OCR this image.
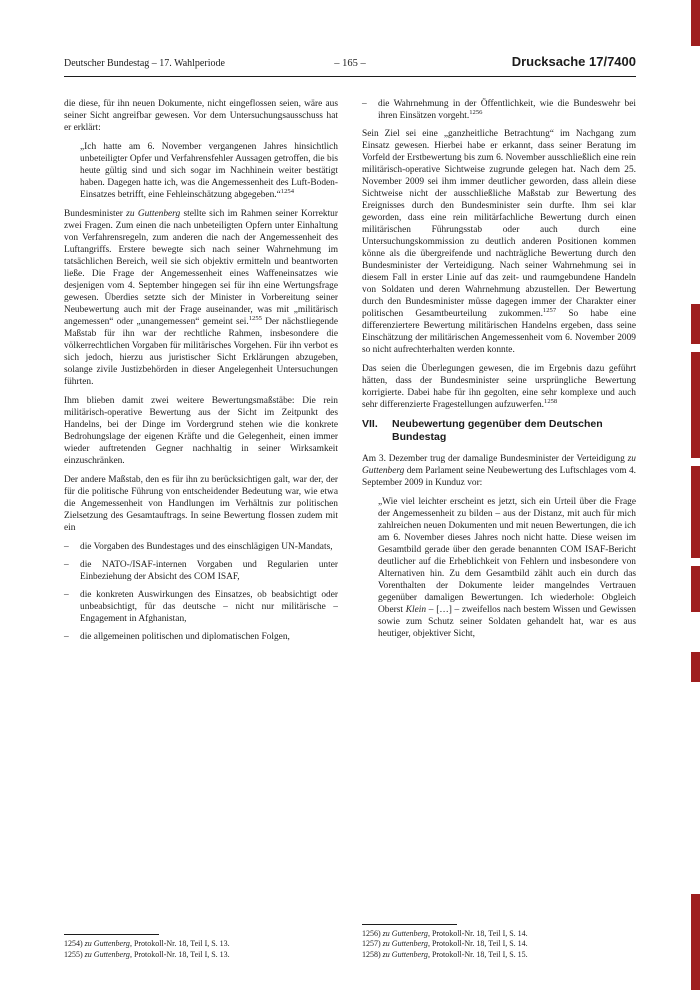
Deutscher Bundestag – 17. Wahlperiode	– 165 –	Drucksache 17/7400

die diese, für ihn neuen Dokumente, nicht eingeflossen seien, wäre aus seiner Sicht angreifbar gewesen. Vor dem Untersuchungsausschuss hat er erklärt:

„Ich hatte am 6. November vergangenen Jahres hinsichtlich unbeteiligter Opfer und Verfahrensfehler Aussagen getroffen, die bis heute gültig sind und sich sogar im Nachhinein weiter bestätigt haben. Dagegen hatte ich, was die Angemessenheit des Luft-Boden-Einsatzes betrifft, eine Fehleinschätzung abgegeben.“$^{1254}$

Bundesminister zu Guttenberg stellte sich im Rahmen seiner Korrektur zwei Fragen. Zum einen die nach unbeteiligten Opfern unter Einhaltung von Verfahrensregeln, zum anderen die nach der Angemessenheit des Luftangriffs. Erstere bewegte sich nach seiner Wahrnehmung im tatsächlichen Bereich, weil sie sich objektiv ermitteln und beantworten ließe. Die Frage der Angemessenheit eines Waffeneinsatzes wie desjenigen vom 4. September hingegen sei für ihn eine Wertungsfrage gewesen. Überdies setzte sich der Minister in Vorbereitung seiner Neubewertung auch mit der Frage auseinander, was mit „militärisch angemessen“ oder „unangemessen“ gemeint sei.$^{1255}$ Der nächstliegende Maßstab für ihn war der rechtliche Rahmen, insbesondere die völkerrechtlichen Vorgaben für militärisches Vorgehen. Für ihn verbot es sich jedoch, hierzu aus juristischer Sicht Erklärungen abzugeben, solange zivile Justizbehörden in dieser Angelegenheit Untersuchungen führten.

Ihm blieben damit zwei weitere Bewertungsmaßstäbe: Die rein militärisch-operative Bewertung aus der Sicht im Zeitpunkt des Handelns, bei der Dinge im Vordergrund stehen wie die konkrete Bedrohungslage der eigenen Kräfte und die Gelegenheit, einen immer wieder auftretenden Gegner nachhaltig in seiner Wirksamkeit einzuschränken.

Der andere Maßstab, den es für ihn zu berücksichtigen galt, war der, der für die politische Führung von entscheidender Bedeutung war, wie etwa die Angemessenheit von Handlungen im Verhältnis zur politischen Zielsetzung des Gesamtauftrags. In seine Bewertung flossen zudem mit ein

–	die Vorgaben des Bundestages und des einschlägigen UN-Mandats,
–	die NATO-/ISAF-internen Vorgaben und Regularien unter Einbeziehung der Absicht des COM ISAF,
–	die konkreten Auswirkungen des Einsatzes, ob beabsichtigt oder unbeabsichtigt, für das deutsche – nicht nur militärische – Engagement in Afghanistan,
–	die allgemeinen politischen und diplomatischen Folgen,
1254) zu Guttenberg, Protokoll-Nr. 18, Teil I, S. 13.
1255) zu Guttenberg, Protokoll-Nr. 18, Teil I, S. 13.
–	die Wahrnehmung in der Öffentlichkeit, wie die Bundeswehr bei ihren Einsätzen vorgeht.$^{1256}$

Sein Ziel sei eine „ganzheitliche Betrachtung“ im Nachgang zum Einsatz gewesen. Hierbei habe er erkannt, dass seiner Beratung im Vorfeld der Erstbewertung bis zum 6. November ausschließlich eine rein militärisch-operative Sichtweise zugrunde gelegen hat. Nach dem 25. November 2009 sei ihm immer deutlicher geworden, dass allein diese Sichtweise nicht der ausschließliche Maßstab zur Bewertung des Ereignisses durch den Bundesminister sein durfte. Ihm sei klar geworden, dass eine rein militärfachliche Bewertung durch einen militärischen Führungsstab oder auch durch eine Untersuchungskommission zu deutlich anderen Positionen kommen könne als die übergreifende und nachträgliche Bewertung durch den Bundesminister der Verteidigung. Nach seiner Wahrnehmung sei in diesem Fall in erster Linie auf das zeit- und raumgebundene Handeln von Soldaten und deren Wahrnehmung abzustellen. Der Bewertung durch den Bundesminister müsse dagegen immer der Charakter einer politischen Gesamtbeurteilung zukommen.$^{1257}$ So habe eine differenziertere Bewertung militärischen Handelns ergeben, dass seine Einschätzung der militärischen Angemessenheit vom 6. November 2009 so nicht aufrechterhalten werden konnte.

Das seien die Überlegungen gewesen, die im Ergebnis dazu geführt hätten, dass der Bundesminister seine ursprüngliche Bewertung korrigierte. Dabei habe für ihn gegolten, eine sehr komplexe und auch sehr differenzierte Fragestellungen aufzuwerfen.$^{1258}$

VII.	Neubewertung gegenüber dem Deutschen Bundestag

Am 3. Dezember trug der damalige Bundesminister der Verteidigung zu Guttenberg dem Parlament seine Neubewertung des Luftschlages vom 4. September 2009 in Kunduz vor:

„Wie viel leichter erscheint es jetzt, sich ein Urteil über die Frage der Angemessenheit zu bilden – aus der Distanz, mit auch für mich zahlreichen neuen Dokumenten und mit neuen Bewertungen, die ich am 6. November dieses Jahres noch nicht hatte. Diese weisen im Gesamtbild gerade über den gerade benannten COM ISAF-Bericht deutlicher auf die Erheblichkeit von Fehlern und insbesondere von Alternativen hin. Zu dem Gesamtbild zählt auch ein durch das Vorenthalten der Dokumente leider mangelndes Vertrauen gegenüber damaligen Bewertungen. Ich wiederhole: Obgleich Oberst Klein – […] – zweifellos nach bestem Wissen und Gewissen sowie zum Schutz seiner Soldaten gehandelt hat, war es aus heutiger, objektiver Sicht,

1256) zu Guttenberg, Protokoll-Nr. 18, Teil I, S. 14.
1257) zu Guttenberg, Protokoll-Nr. 18, Teil I, S. 14.
1258) zu Guttenberg, Protokoll-Nr. 18, Teil I, S. 15.
